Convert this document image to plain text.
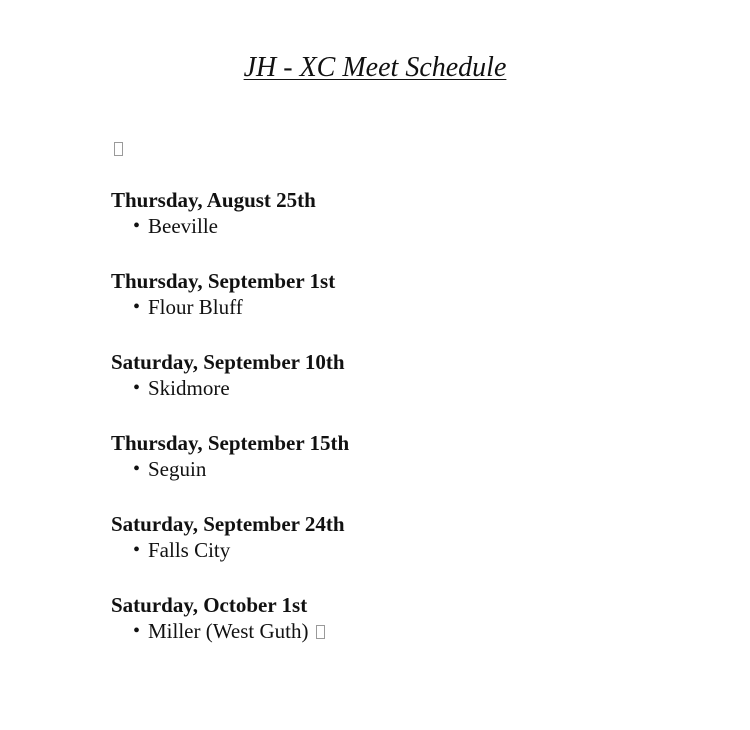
JH - XC Meet Schedule
Thursday, August 25th
• Beeville
Thursday, September 1st
• Flour Bluff
Saturday, September 10th
• Skidmore
Thursday, September 15th
• Seguin
Saturday, September 24th
• Falls City
Saturday, October 1st
• Miller (West Guth)
